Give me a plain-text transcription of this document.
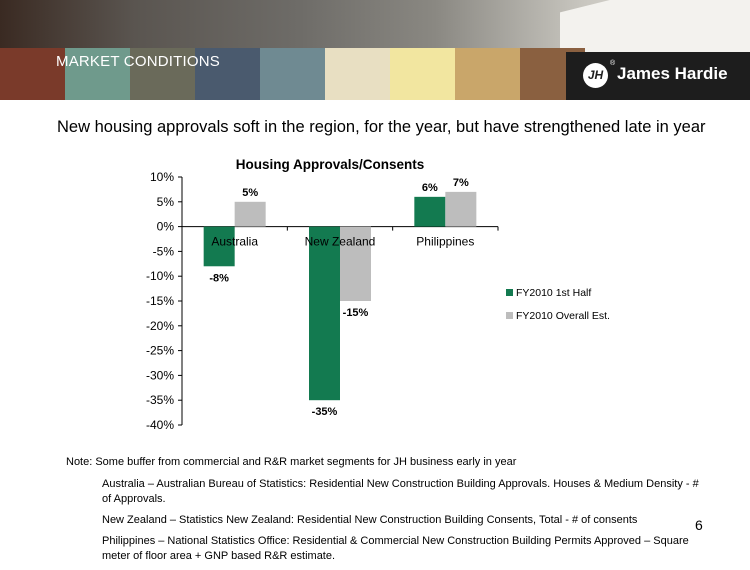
MARKET CONDITIONS
JH
®
James Hardie
New housing approvals soft in the region, for the year, but have strengthened late in year
Housing Approvals/Consents
10%
5%
0%
-5%
-10%
-15%
-20%
-25%
-30%
-35%
-40%
-8%
-35%
6%
5%
-15%
7%
Australia	New Zealand	Philippines
FY2010 1st Half
FY2010 Overall Est.
Note: Some buffer from commercial and R&R market segments for JH business early in year
Australia – Australian Bureau of Statistics: Residential New Construction Building Approvals. Houses & Medium Density - # of Approvals.
New Zealand – Statistics New Zealand: Residential New Construction Building Consents, Total - # of consents
Philippines – National Statistics Office: Residential & Commercial New Construction Building Permits Approved – Square meter of floor area + GNP based R&R estimate.
6
